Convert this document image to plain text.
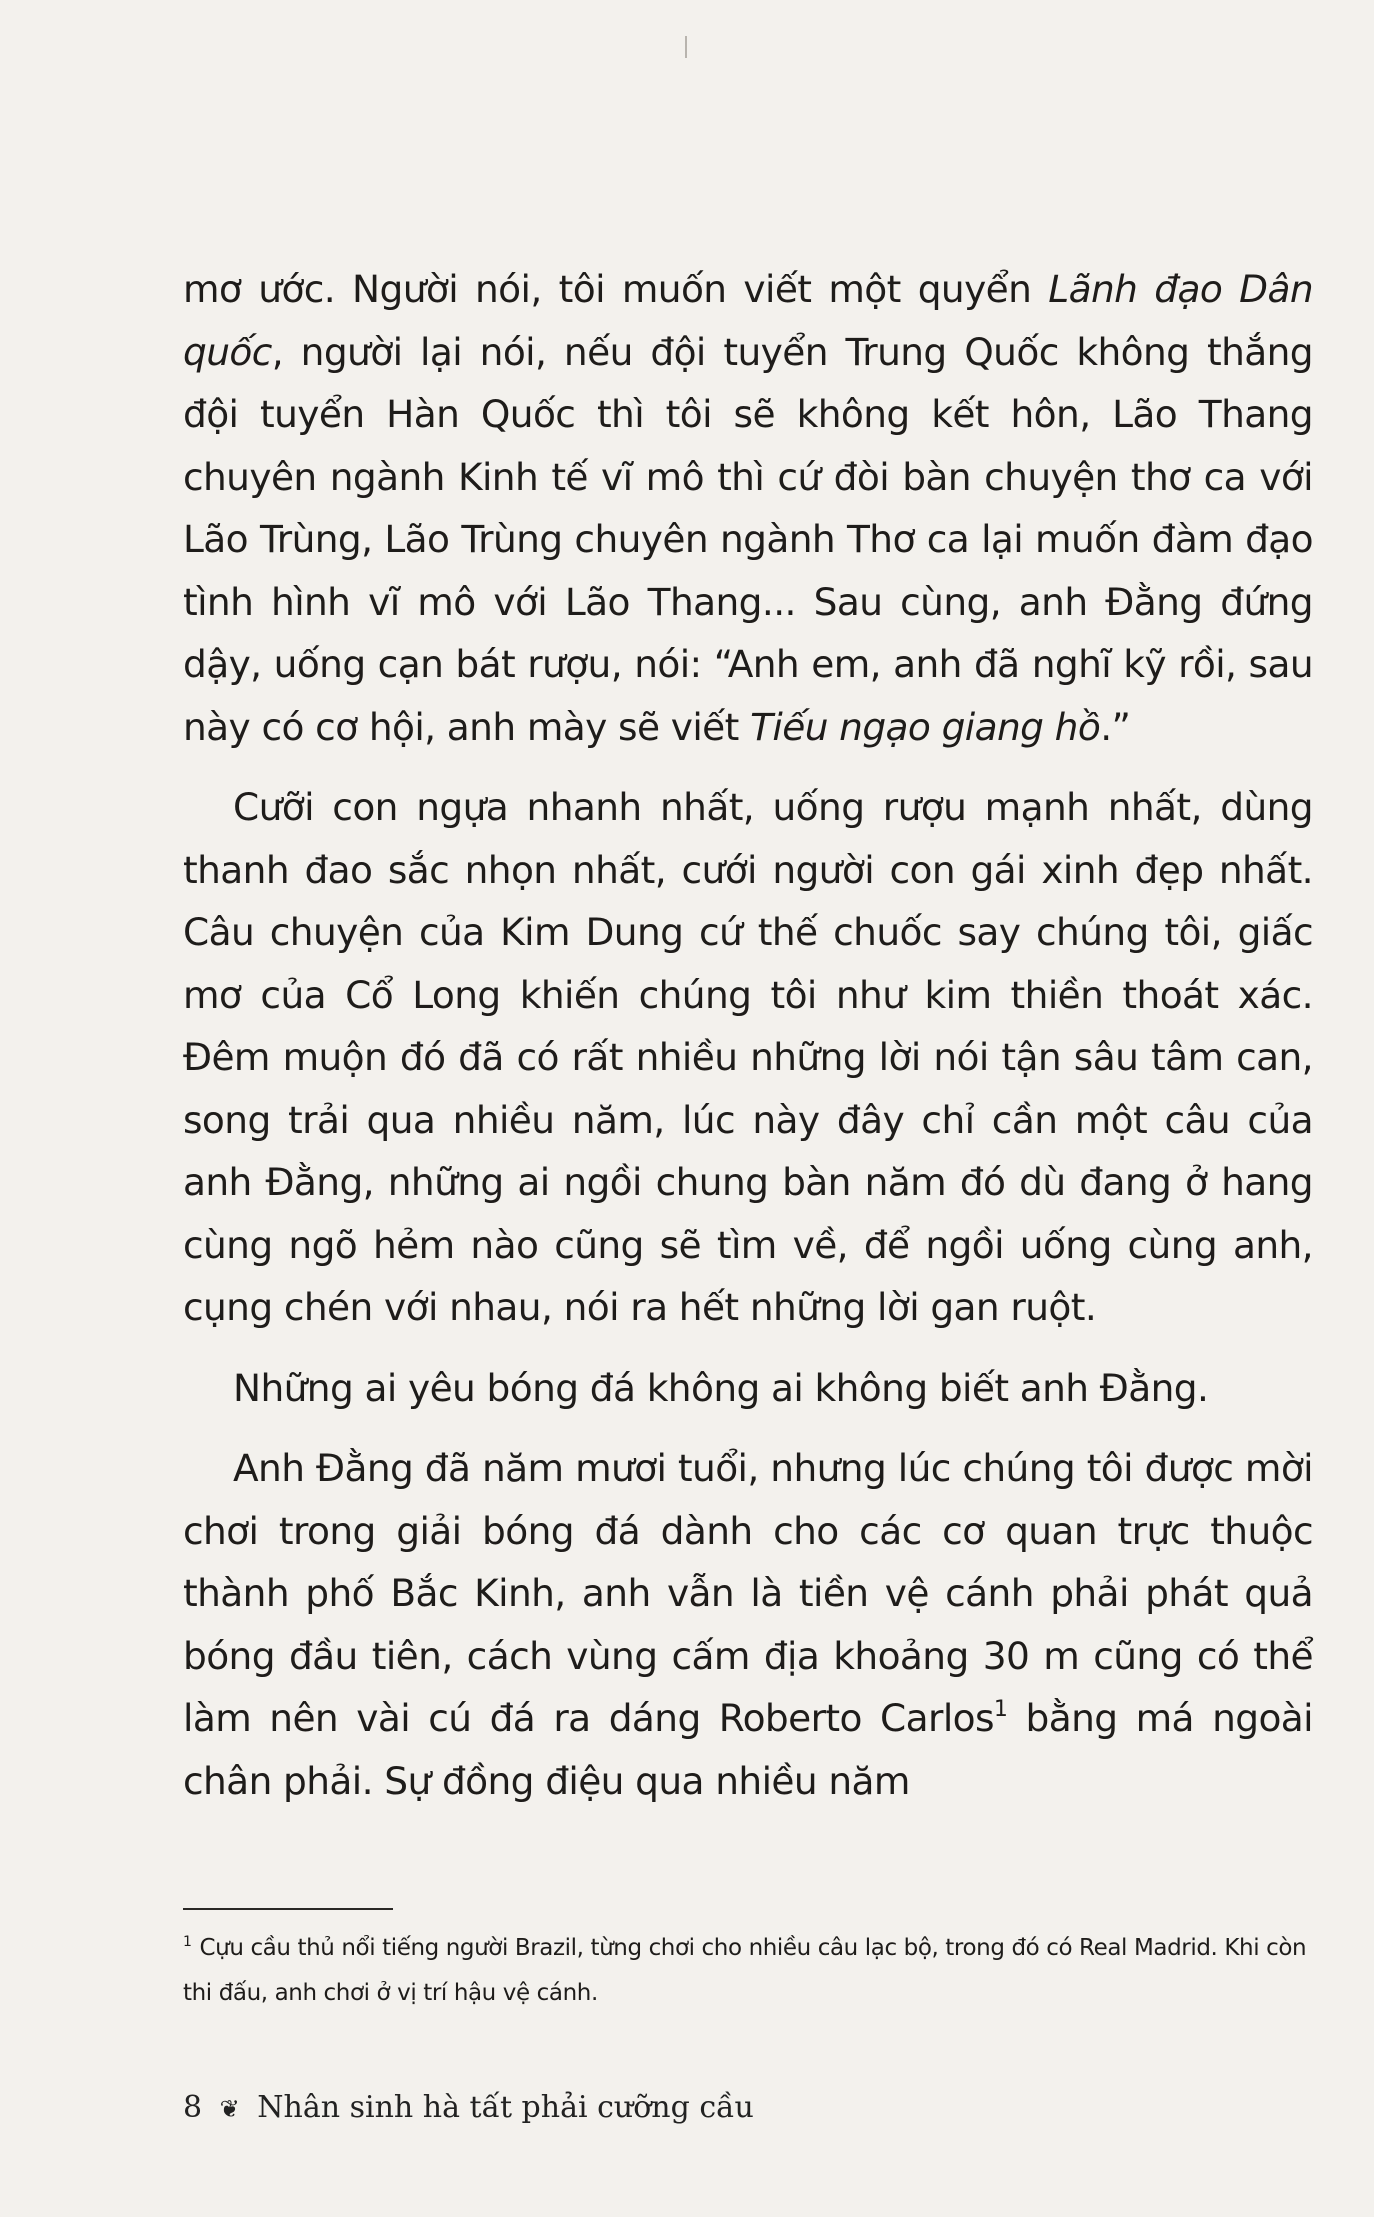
mơ ước. Người nói, tôi muốn viết một quyển Lãnh đạo Dân quốc, người lại nói, nếu đội tuyển Trung Quốc không thắng đội tuyển Hàn Quốc thì tôi sẽ không kết hôn, Lão Thang chuyên ngành Kinh tế vĩ mô thì cứ đòi bàn chuyện thơ ca với Lão Trùng, Lão Trùng chuyên ngành Thơ ca lại muốn đàm đạo tình hình vĩ mô với Lão Thang... Sau cùng, anh Đằng đứng dậy, uống cạn bát rượu, nói: “Anh em, anh đã nghĩ kỹ rồi, sau này có cơ hội, anh mày sẽ viết Tiếu ngạo giang hồ.”

Cưỡi con ngựa nhanh nhất, uống rượu mạnh nhất, dùng thanh đao sắc nhọn nhất, cưới người con gái xinh đẹp nhất. Câu chuyện của Kim Dung cứ thế chuốc say chúng tôi, giấc mơ của Cổ Long khiến chúng tôi như kim thiền thoát xác. Đêm muộn đó đã có rất nhiều những lời nói tận sâu tâm can, song trải qua nhiều năm, lúc này đây chỉ cần một câu của anh Đằng, những ai ngồi chung bàn năm đó dù đang ở hang cùng ngõ hẻm nào cũng sẽ tìm về, để ngồi uống cùng anh, cụng chén với nhau, nói ra hết những lời gan ruột.

Những ai yêu bóng đá không ai không biết anh Đằng.

Anh Đằng đã năm mươi tuổi, nhưng lúc chúng tôi được mời chơi trong giải bóng đá dành cho các cơ quan trực thuộc thành phố Bắc Kinh, anh vẫn là tiền vệ cánh phải phát quả bóng đầu tiên, cách vùng cấm địa khoảng 30 m cũng có thể làm nên vài cú đá ra dáng Roberto Carlos$^1$ bằng má ngoài chân phải. Sự đồng điệu qua nhiều năm

$^1$ Cựu cầu thủ nổi tiếng người Brazil, từng chơi cho nhiều câu lạc bộ, trong đó có Real Madrid. Khi còn thi đấu, anh chơi ở vị trí hậu vệ cánh.
8 ❦ Nhân sinh hà tất phải cưỡng cầu
